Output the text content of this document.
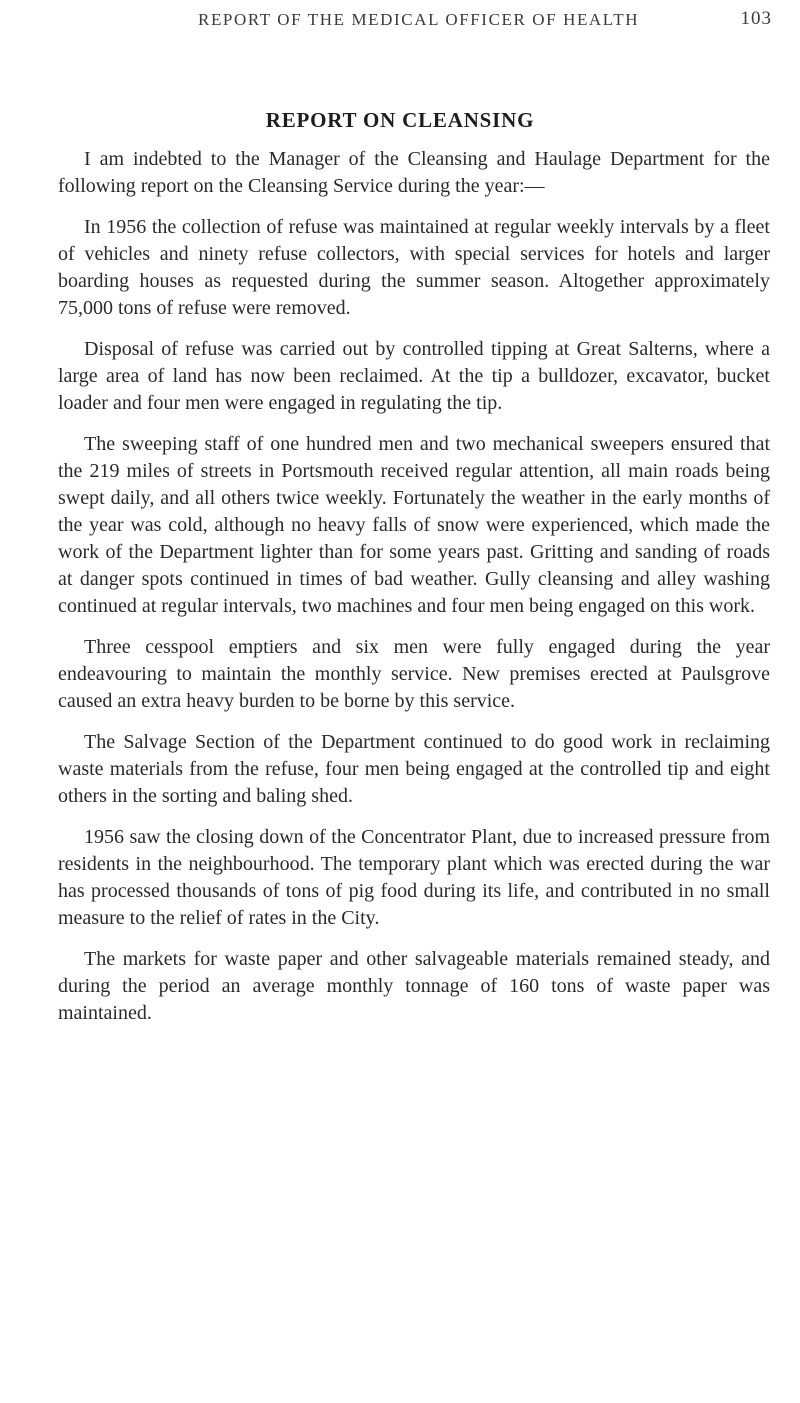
REPORT OF THE MEDICAL OFFICER OF HEALTH	103
REPORT ON CLEANSING

I am indebted to the Manager of the Cleansing and Haulage Department for the following report on the Cleansing Service during the year:—

In 1956 the collection of refuse was maintained at regular weekly intervals by a fleet of vehicles and ninety refuse collectors, with special services for hotels and larger boarding houses as requested during the summer season. Altogether approximately 75,000 tons of refuse were removed.

Disposal of refuse was carried out by controlled tipping at Great Salterns, where a large area of land has now been reclaimed. At the tip a bulldozer, excavator, bucket loader and four men were engaged in regulating the tip.

The sweeping staff of one hundred men and two mechanical sweepers ensured that the 219 miles of streets in Portsmouth received regular attention, all main roads being swept daily, and all others twice weekly. Fortunately the weather in the early months of the year was cold, although no heavy falls of snow were experienced, which made the work of the Department lighter than for some years past. Gritting and sanding of roads at danger spots continued in times of bad weather. Gully cleansing and alley washing continued at regular intervals, two machines and four men being engaged on this work.

Three cesspool emptiers and six men were fully engaged during the year endeavouring to maintain the monthly service. New premises erected at Paulsgrove caused an extra heavy burden to be borne by this service.

The Salvage Section of the Department continued to do good work in reclaiming waste materials from the refuse, four men being engaged at the controlled tip and eight others in the sorting and baling shed.

1956 saw the closing down of the Concentrator Plant, due to increased pressure from residents in the neighbourhood. The temporary plant which was erected during the war has processed thousands of tons of pig food during its life, and contributed in no small measure to the relief of rates in the City.

The markets for waste paper and other salvageable materials remained steady, and during the period an average monthly tonnage of 160 tons of waste paper was maintained.
